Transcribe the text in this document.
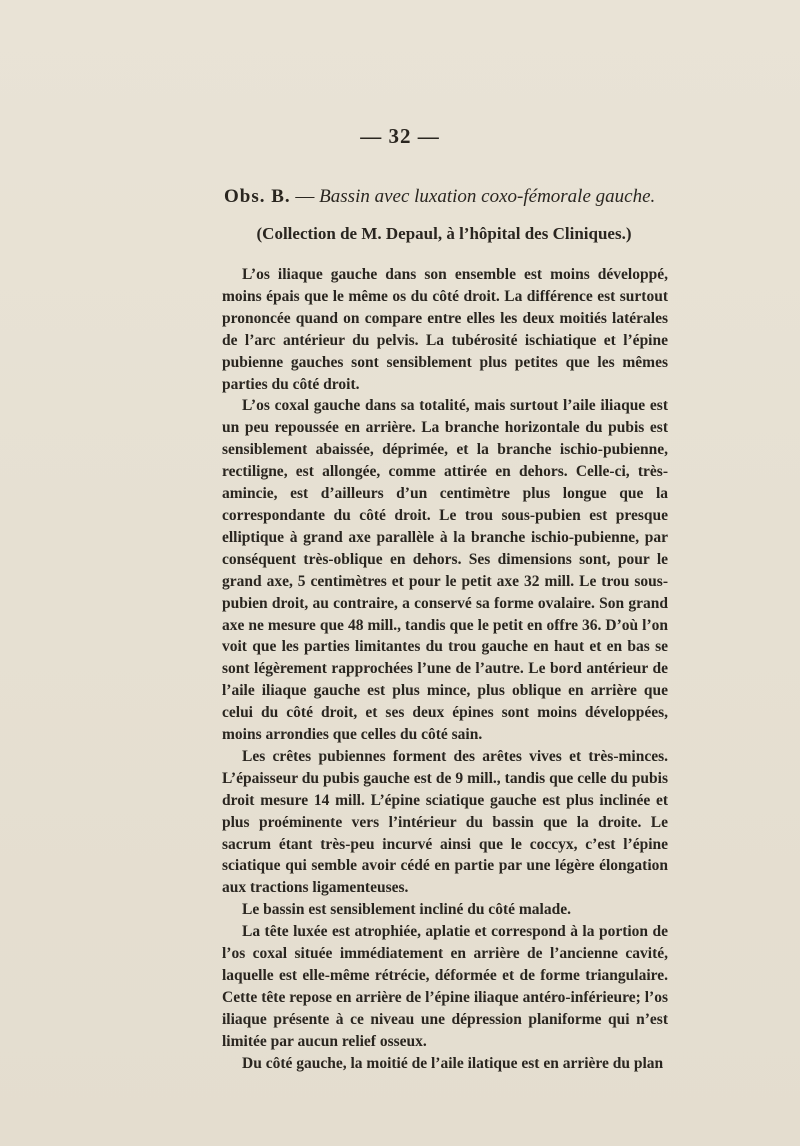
— 32 —
Obs. B. — Bassin avec luxation coxo-fémorale gauche.
(Collection de M. Depaul, à l’hôpital des Cliniques.)

L’os iliaque gauche dans son ensemble est moins développé, moins épais que le même os du côté droit. La différence est surtout prononcée quand on compare entre elles les deux moitiés latérales de l’arc antérieur du pelvis. La tubérosité ischiatique et l’épine pubienne gauches sont sensiblement plus petites que les mêmes parties du côté droit.

L’os coxal gauche dans sa totalité, mais surtout l’aile iliaque est un peu repoussée en arrière. La branche horizontale du pubis est sensiblement abaissée, déprimée, et la branche ischio-pubienne, rectiligne, est allongée, comme attirée en dehors. Celle-ci, très-amincie, est d’ailleurs d’un centimètre plus longue que la correspondante du côté droit. Le trou sous-pubien est presque elliptique à grand axe parallèle à la branche ischio-pubienne, par conséquent très-oblique en dehors. Ses dimensions sont, pour le grand axe, 5 centimètres et pour le petit axe 32 mill. Le trou sous-pubien droit, au contraire, a conservé sa forme ovalaire. Son grand axe ne mesure que 48 mill., tandis que le petit en offre 36. D’où l’on voit que les parties limitantes du trou gauche en haut et en bas se sont légèrement rapprochées l’une de l’autre. Le bord antérieur de l’aile iliaque gauche est plus mince, plus oblique en arrière que celui du côté droit, et ses deux épines sont moins développées, moins arrondies que celles du côté sain.

Les crêtes pubiennes forment des arêtes vives et très-minces. L’épaisseur du pubis gauche est de 9 mill., tandis que celle du pubis droit mesure 14 mill. L’épine sciatique gauche est plus inclinée et plus proéminente vers l’intérieur du bassin que la droite. Le sacrum étant très-peu incurvé ainsi que le coccyx, c’est l’épine sciatique qui semble avoir cédé en partie par une légère élongation aux tractions ligamenteuses.

Le bassin est sensiblement incliné du côté malade.

La tête luxée est atrophiée, aplatie et correspond à la portion de l’os coxal située immédiatement en arrière de l’ancienne cavité, laquelle est elle-même rétrécie, déformée et de forme triangulaire. Cette tête repose en arrière de l’épine iliaque antéro-inférieure; l’os iliaque présente à ce niveau une dépression planiforme qui n’est limitée par aucun relief osseux.

Du côté gauche, la moitié de l’aile ilatique est en arrière du plan
